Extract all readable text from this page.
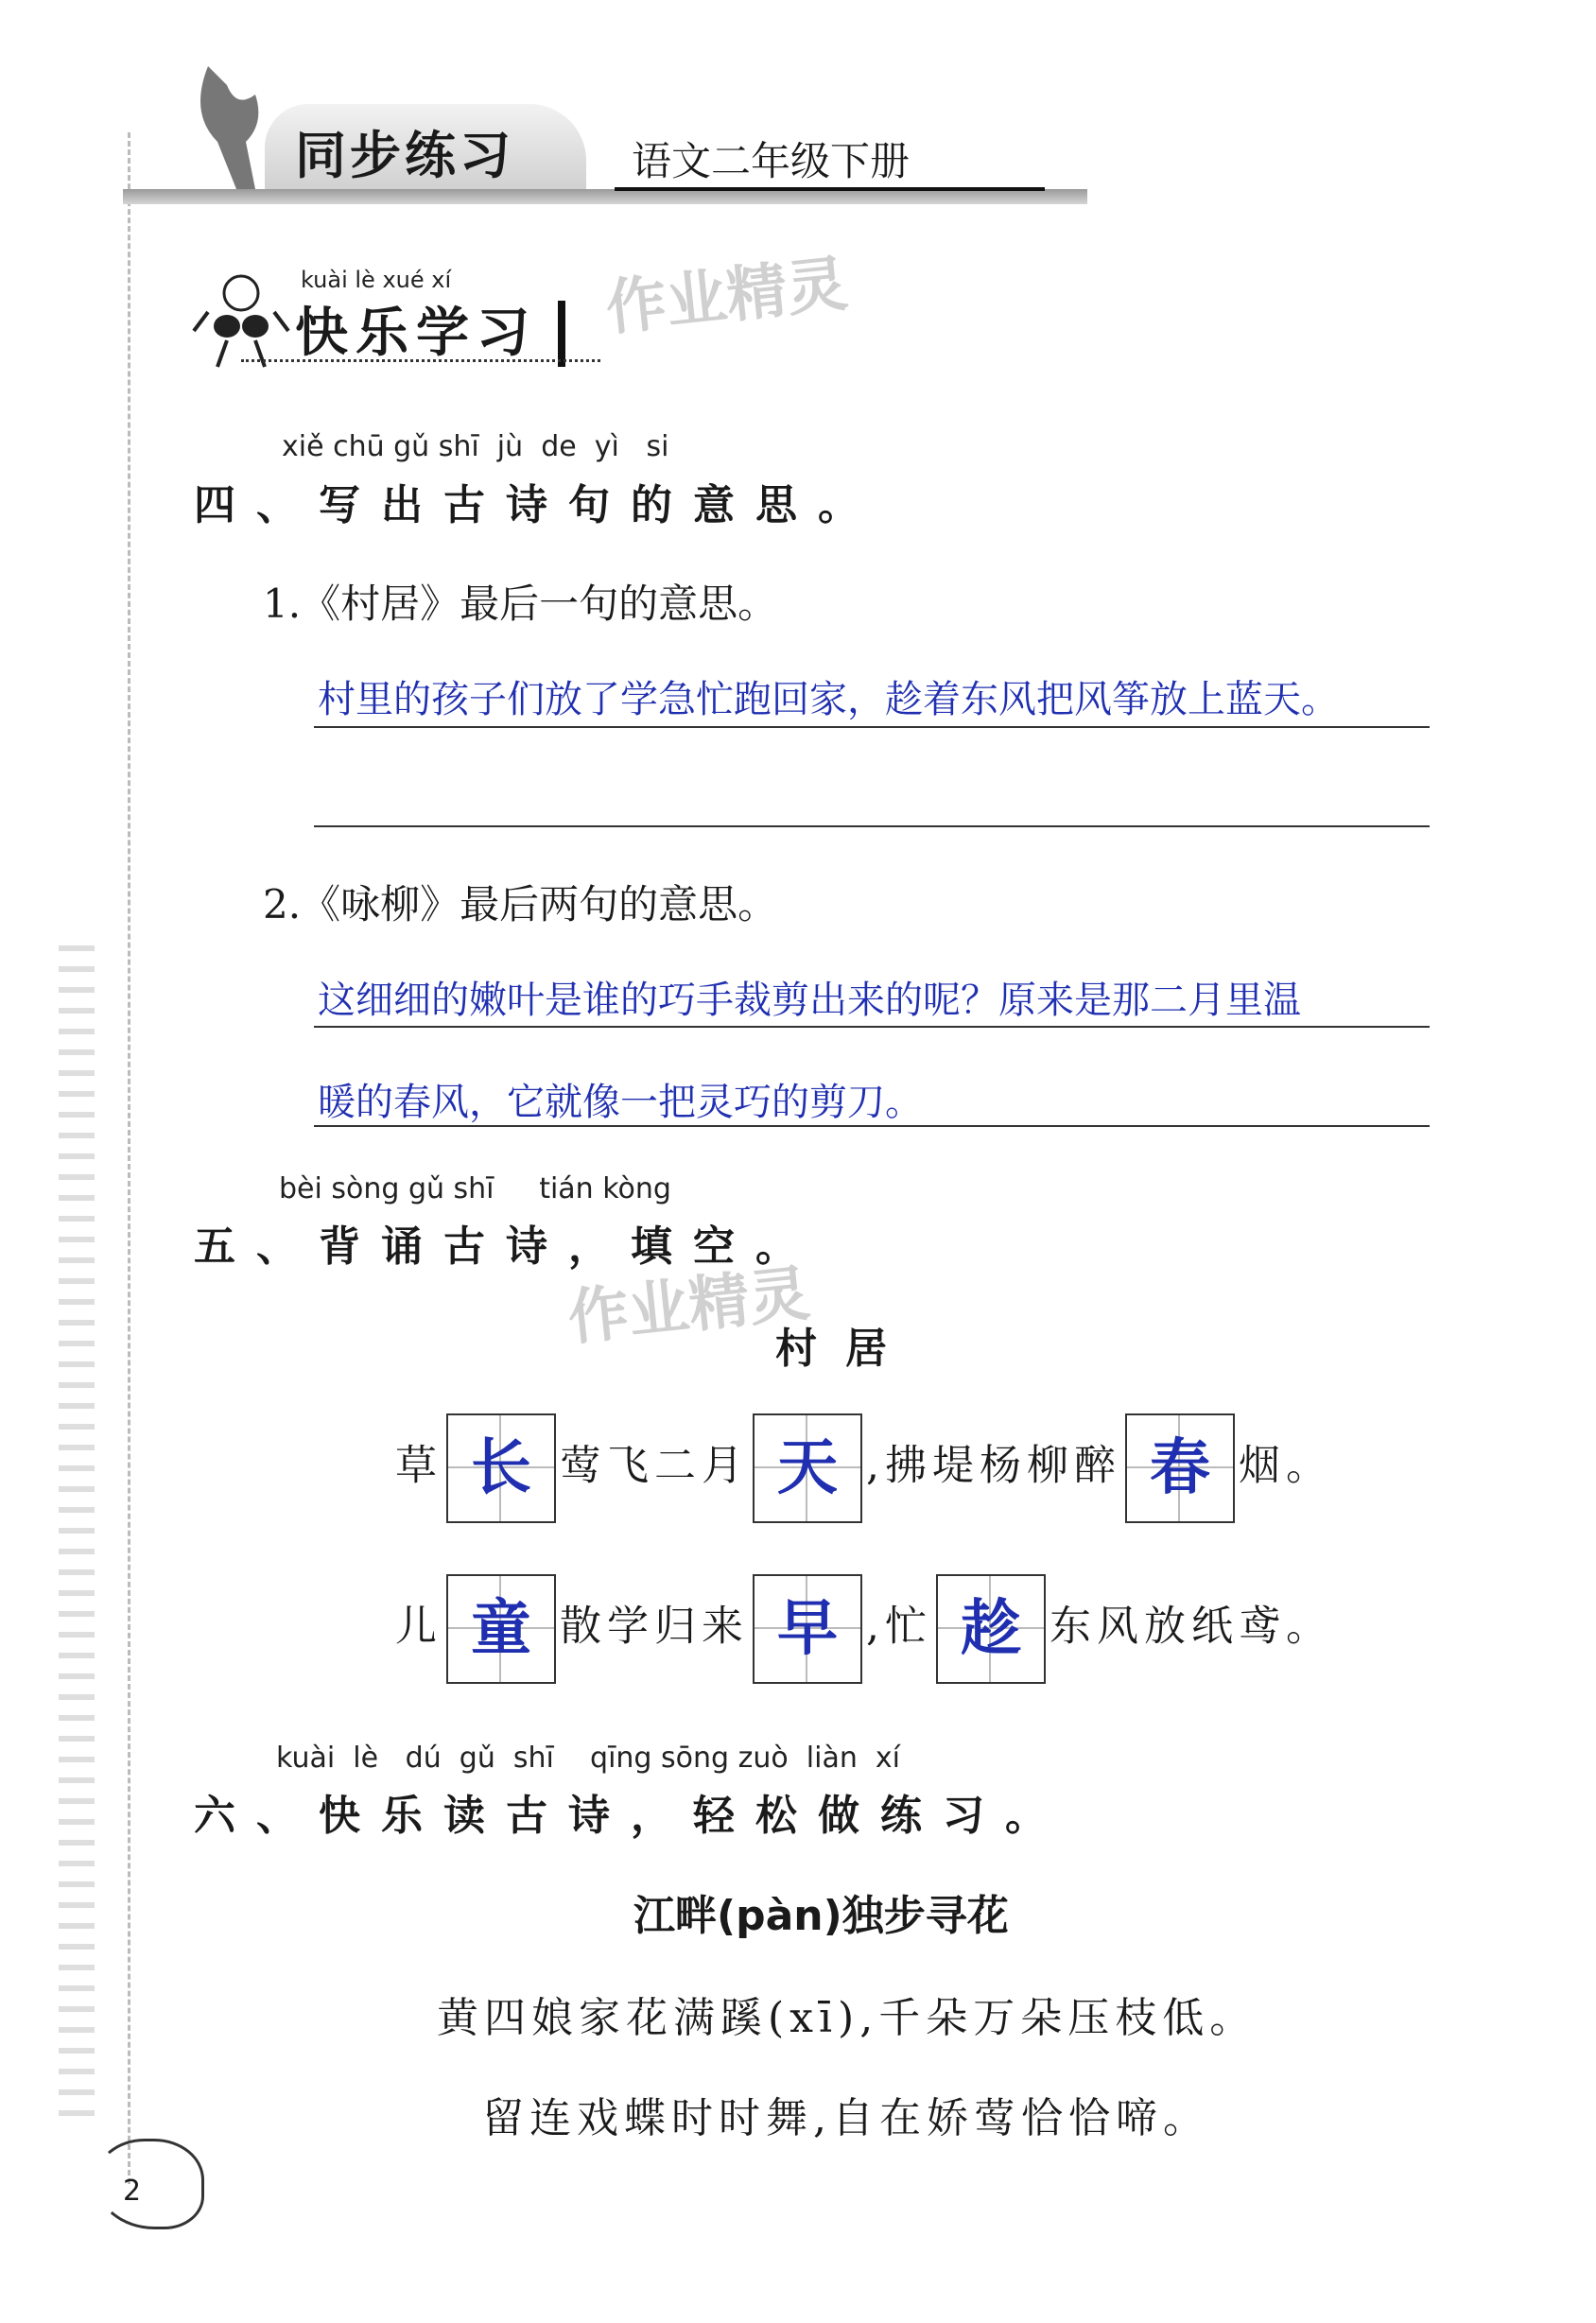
同步练习	语文二年级下册
kuài lè xué xí
快乐学习 作业精灵
xiě chū gǔ shī  jù  de  yì   si
四、写出古诗句的意思。
1.《村居》最后一句的意思。
村里的孩子们放了学急忙跑回家，趁着东风把风筝放上蓝天。
2.《咏柳》最后两句的意思。
这细细的嫩叶是谁的巧手裁剪出来的呢？原来是那二月里温
暖的春风，它就像一把灵巧的剪刀。
bèi sòng gǔ shī     tián kòng
五、背诵古诗，填空。
作业精灵
村居
草 长 莺飞二月 天 ,拂堤杨柳醉 春 烟。
儿 童 散学归来 早 ,忙 趁 东风放纸鸢。
kuài  lè   dú  gǔ  shī    qīng sōng zuò  liàn  xí
六、快乐读古诗，轻松做练习。
江畔(pàn)独步寻花
黄四娘家花满蹊(xī),千朵万朵压枝低。
留连戏蝶时时舞,自在娇莺恰恰啼。
2
